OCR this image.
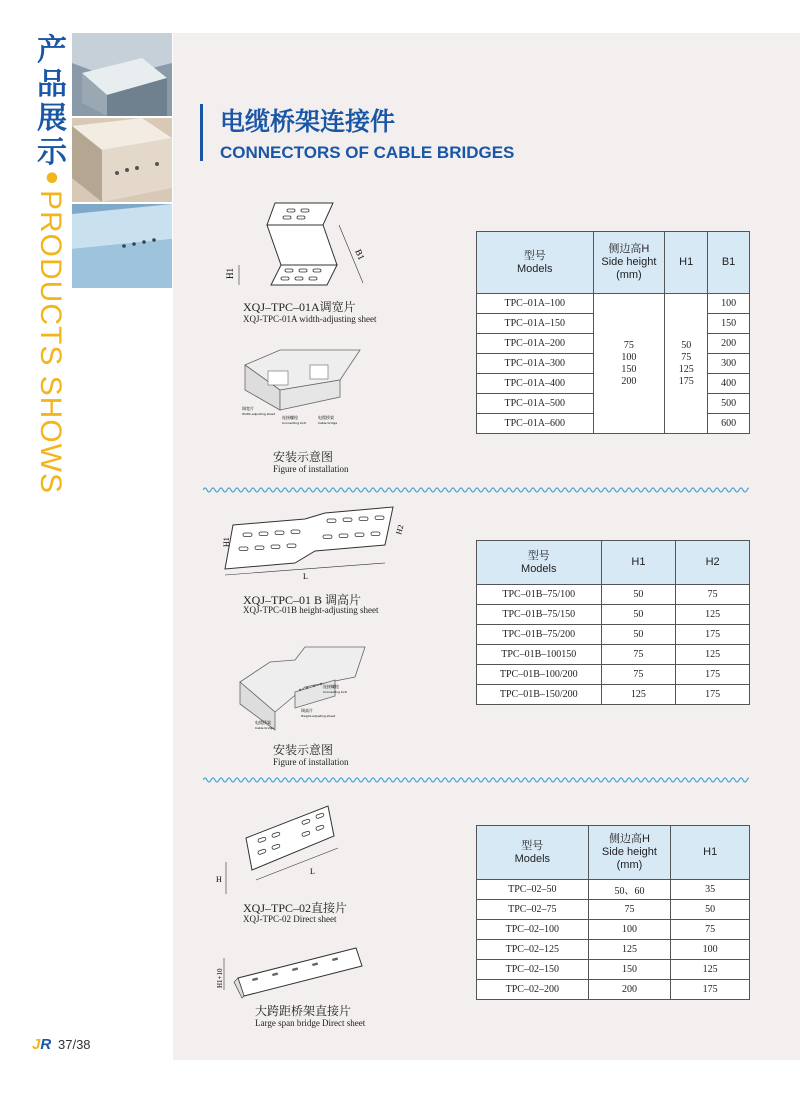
产
品
展
示
•
PRODUCTS SHOWS
电缆桥架连接件
CONNECTORS OF CABLE BRIDGES
B1
H1
XQJ–TPC–01A调宽片
XQJ-TPC-01A width-adjusting sheet
调宽片
Width-adjusting sheet
连接螺栓
Connecting bolt
电缆桥架
Cable bridge
安装示意图
Figure of installation
型号
Models	侧边高H
Side height
(mm)	H1	B1
TPC–01A–100	75
100
150
200	50
75
125
175	100
TPC–01A–150			150
TPC–01A–200			200
TPC–01A–300			300
TPC–01A–400			400
TPC–01A–500			500
TPC–01A–600			600
L
H1
H2
XQJ–TPC–01 B 调高片
XQJ-TPC-01B height-adjusting sheet
连接螺栓
Connecting bolt
调高片
Height-adjusting sheet
电缆桥架
Cable bridge
安装示意图
Figure of installation
型号
Models	H1	H2
TPC–01B–75/100	50	75
TPC–01B–75/150	50	125
TPC–01B–75/200	50	175
TPC–01B–100150	75	125
TPC–01B–100/200	75	175
TPC–01B–150/200	125	175
H
L
XQJ–TPC–02直接片
XQJ-TPC-02 Direct sheet
H1+10
大跨距桥架直接片
Large span bridge Direct sheet
型号
Models	侧边高H
Side height
(mm)	H1
TPC–02–50	50、60	35
TPC–02–75	75	50
TPC–02–100	100	75
TPC–02–125	125	100
TPC–02–150	150	125
TPC–02–200	200	175
JR 37/38
